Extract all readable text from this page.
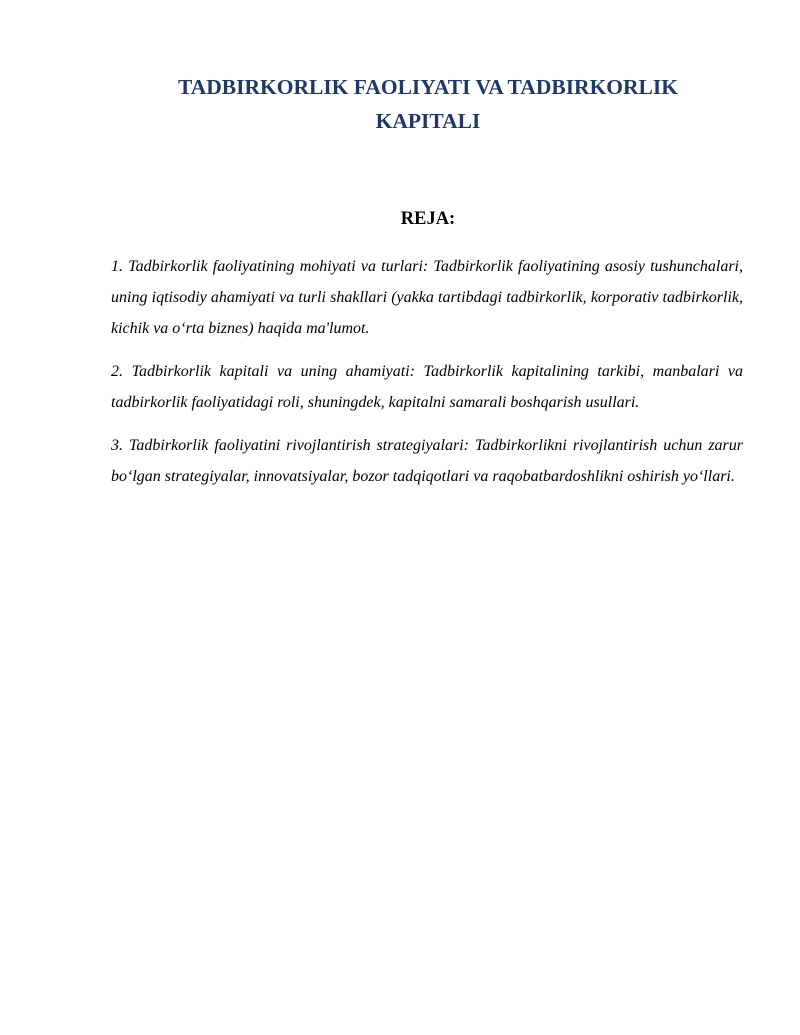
TADBIRKORLIK FAOLIYATI VA TADBIRKORLIK
KAPITALI
REJA:
1. Tadbirkorlik faoliyatining mohiyati va turlari: Tadbirkorlik faoliyatining asosiy tushunchalari, uning iqtisodiy ahamiyati va turli shakllari (yakka tartibdagi tadbirkorlik, korporativ tadbirkorlik, kichik va o‘rta biznes) haqida ma'lumot.
2. Tadbirkorlik kapitali va uning ahamiyati: Tadbirkorlik kapitalining tarkibi, manbalari va tadbirkorlik faoliyatidagi roli, shuningdek, kapitalni samarali boshqarish usullari.
3. Tadbirkorlik faoliyatini rivojlantirish strategiyalari: Tadbirkorlikni rivojlantirish uchun zarur bo‘lgan strategiyalar, innovatsiyalar, bozor tadqiqotlari va raqobatbardoshlikni oshirish yo‘llari.
